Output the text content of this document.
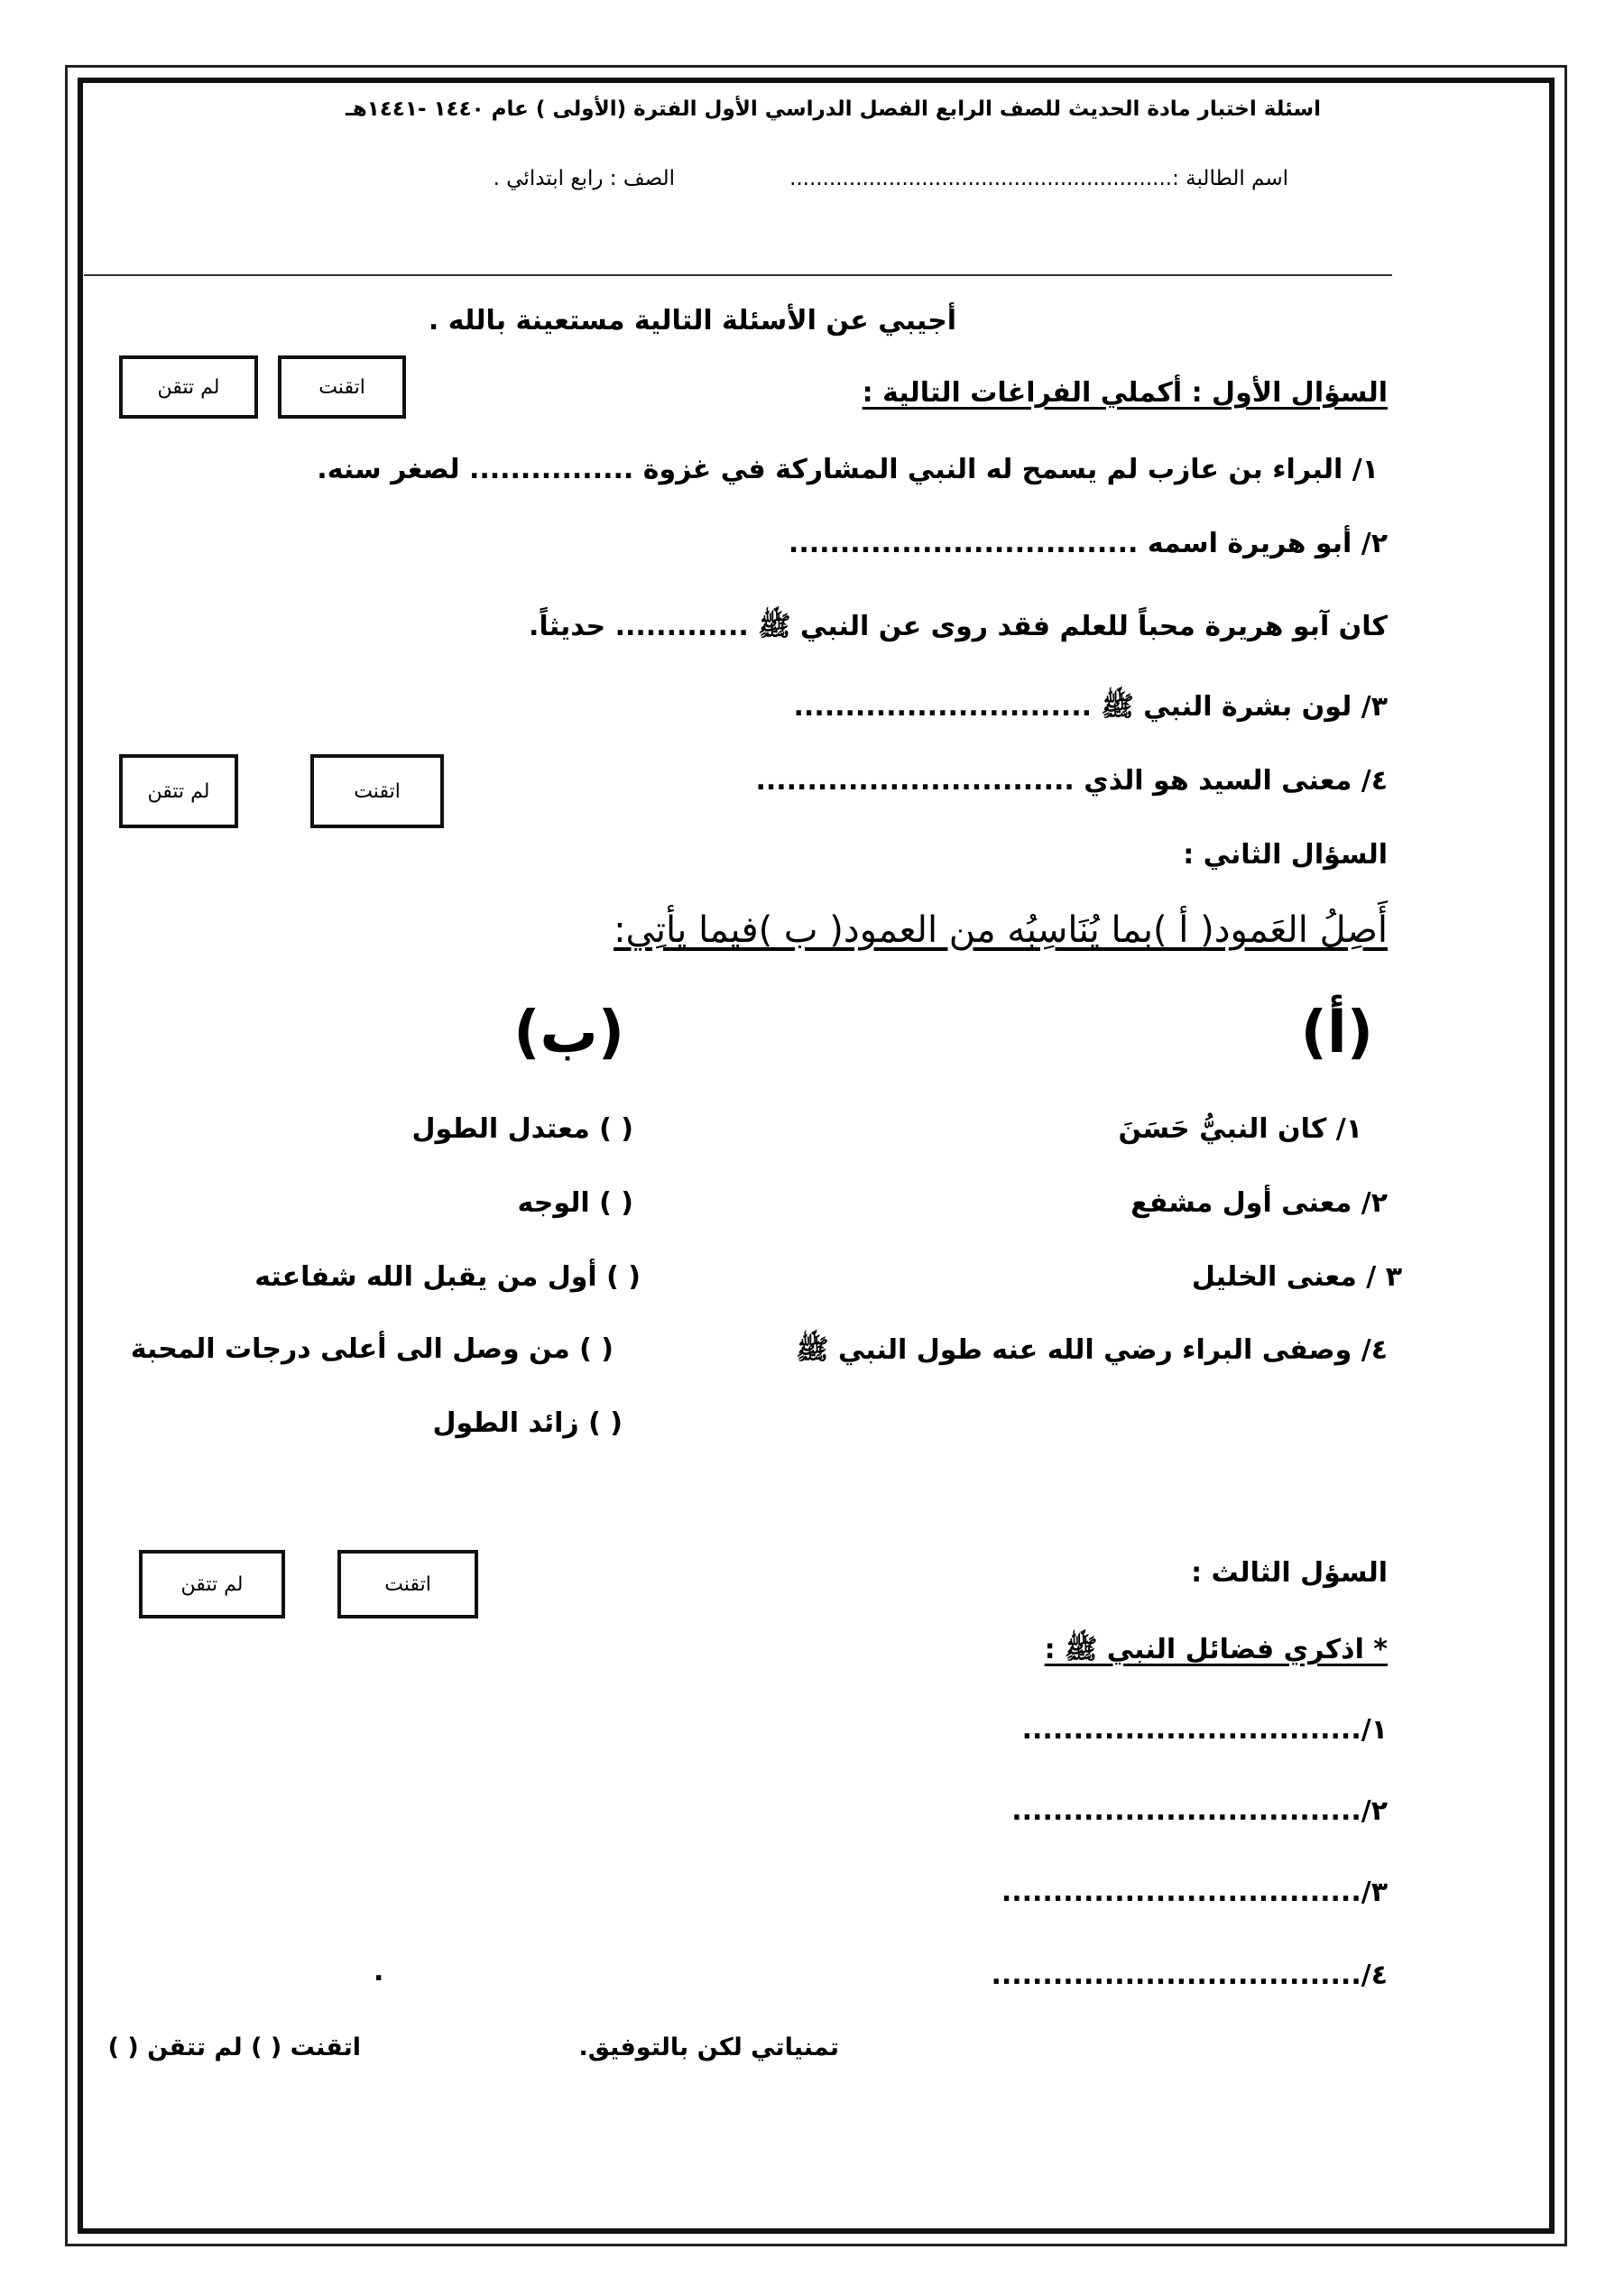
اسئلة اختبار مادة الحديث للصف الرابع الفصل الدراسي الأول الفترة (الأولى ) عام ١٤٤٠ -١٤٤١هـ
اسم الطالبة :..........................................................
الصف : رابع ابتدائي .
أجيبي عن الأسئلة التالية مستعينة بالله .
السؤال الأول : أكملي الفراغات التالية :
اتقنت
لم تتقن
١/ البراء بن عازب لم يسمح له النبي المشاركة في غزوة ................ لصغر سنه.
٢/ أبو هريرة اسمه ..................................
كان آبو هريرة محباً للعلم فقد روى عن النبي ﷺ ............. حديثاً.
٣/ لون بشرة النبي ﷺ .............................
٤/ معنى السيد هو الذي ...............................
اتقنت
لم تتقن
السؤال الثاني :
أَصِلُ العَمود( أ )بما يُنَاسِبُه من العمود( ب )فيما يأتِي:
(أ)
(ب)
١/ كان النبيُّ حَسَنَ
٢/ معنى أول مشفع
٣ / معنى الخليل
٤/ وصفى البراء رضي الله عنه طول النبي ﷺ
( ) معتدل الطول
( ) الوجه
( ) أول من يقبل الله شفاعته
( ) من وصل الى أعلى درجات المحبة
( ) زائد الطول
السؤل الثالث :
اتقنت
لم تتقن
* اذكري فضائل النبي ﷺ :
١/.................................
٢/..................................
٣/...................................
٤/....................................
.
تمنياتي لكن بالتوفيق.
اتقنت ( ) لم تتقن ( )
